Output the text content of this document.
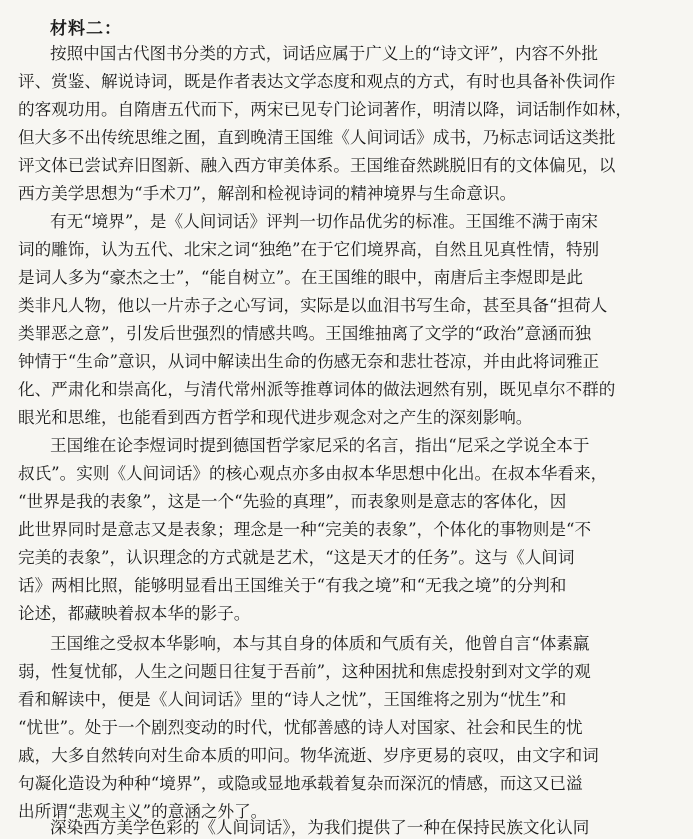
材料二：
按照中国古代图书分类的方式，词话应属于广义上的“诗文评”，内容不外批
评、赏鉴、解说诗词，既是作者表达文学态度和观点的方式，有时也具备补佚词作
的客观功用。自隋唐五代而下，两宋已见专门论词著作，明清以降，词话制作如林，
但大多不出传统思维之囿，直到晚清王国维《人间词话》成书，乃标志词话这类批
评文体已尝试弃旧图新、融入西方审美体系。王国维奋然跳脱旧有的文体偏见，以
西方美学思想为“手术刀”，解剖和检视诗词的精神境界与生命意识。
有无“境界”，是《人间词话》评判一切作品优劣的标准。王国维不满于南宋
词的雕饰，认为五代、北宋之词“独绝”在于它们境界高，自然且见真性情，特别
是词人多为“豪杰之士”，“能自树立”。在王国维的眼中，南唐后主李煜即是此
类非凡人物，他以一片赤子之心写词，实际是以血泪书写生命，甚至具备“担荷人
类罪恶之意”，引发后世强烈的情感共鸣。王国维抽离了文学的“政治”意涵而独
钟情于“生命”意识，从词中解读出生命的伤感无奈和悲壮苍凉，并由此将词雅正
化、严肃化和崇高化，与清代常州派等推尊词体的做法迥然有别，既见卓尔不群的
眼光和思维，也能看到西方哲学和现代进步观念对之产生的深刻影响。
王国维在论李煜词时提到德国哲学家尼采的名言，指出“尼采之学说全本于
叔氏”。实则《人间词话》的核心观点亦多由叔本华思想中化出。在叔本华看来，
“世界是我的表象”，这是一个“先验的真理”，而表象则是意志的客体化，因
此世界同时是意志又是表象；理念是一种“完美的表象”，个体化的事物则是“不
完美的表象”，认识理念的方式就是艺术，“这是天才的任务”。这与《人间词
话》两相比照，能够明显看出王国维关于“有我之境”和“无我之境”的分判和
论述，都藏映着叔本华的影子。
王国维之受叔本华影响，本与其自身的体质和气质有关，他曾自言“体素羸
弱，性复忧郁，人生之问题日往复于吾前”，这种困扰和焦虑投射到对文学的观
看和解读中，便是《人间词话》里的“诗人之忧”，王国维将之别为“忧生”和
“忧世”。处于一个剧烈变动的时代，忧郁善感的诗人对国家、社会和民生的忧
戚，大多自然转向对生命本质的叩问。物华流逝、岁序更易的哀叹，由文字和词
句凝化造设为种种“境界”，或隐或显地承载着复杂而深沉的情感，而这又已溢
出所谓“悲观主义”的意涵之外了。
深染西方美学色彩的《人间词话》，为我们提供了一种在保持民族文化认同
